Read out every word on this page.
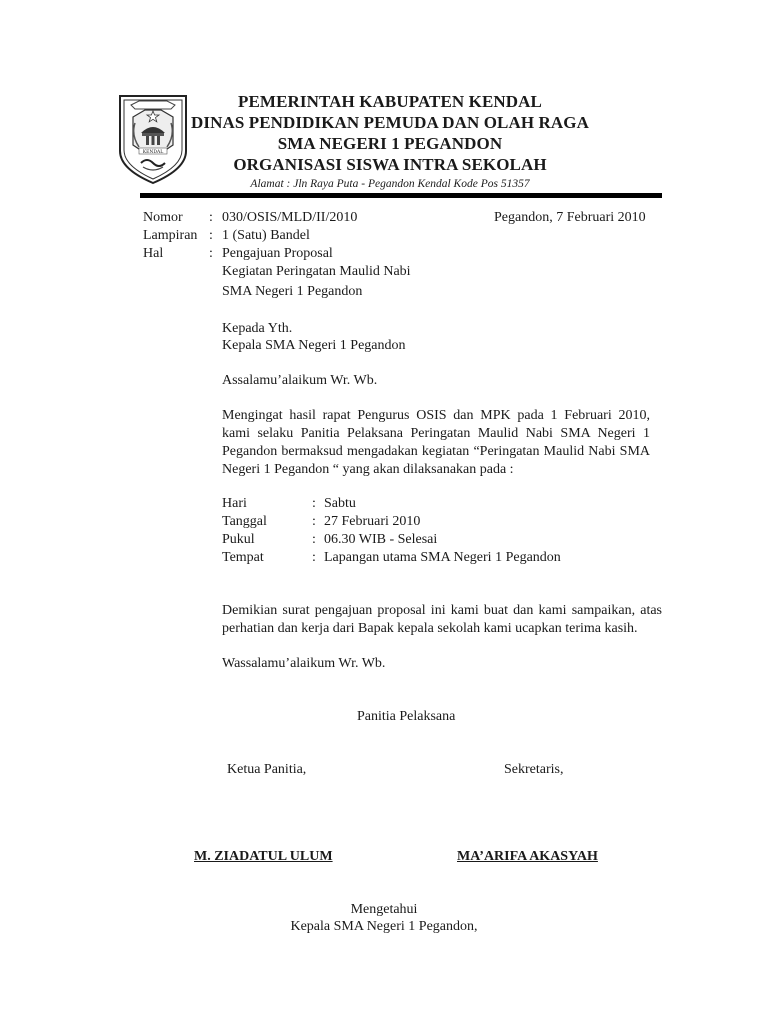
KENDAL
PEMERINTAH KABUPATEN KENDAL
DINAS PENDIDIKAN PEMUDA DAN OLAH RAGA
SMA NEGERI 1 PEGANDON
ORGANISASI SISWA INTRA SEKOLAH
Alamat : Jln Raya Puta - Pegandon Kendal Kode Pos 51357
Nomor : 030/OSIS/MLD/II/2010
Lampiran : 1 (Satu) Bandel
Hal	: Pengajuan Proposal
Kegiatan Peringatan Maulid Nabi
SMA Negeri 1 Pegandon
Pegandon, 7 Februari 2010
Kepada Yth.
Kepala SMA Negeri 1 Pegandon
Assalamu’alaikum Wr. Wb.
Mengingat hasil rapat Pengurus OSIS dan MPK pada 1 Februari 2010,
kami selaku Panitia Pelaksana Peringatan Maulid Nabi SMA Negeri 1
Pegandon bermaksud mengadakan kegiatan “Peringatan Maulid Nabi SMA
Negeri 1 Pegandon “ yang akan dilaksanakan pada :
Hari	: Sabtu
Tanggal	: 27 Februari 2010
Pukul	: 06.30 WIB - Selesai
Tempat	: Lapangan utama SMA Negeri 1 Pegandon
Demikian surat pengajuan proposal ini kami buat dan kami sampaikan, atas
perhatian dan kerja dari Bapak kepala sekolah kami ucapkan terima kasih.
Wassalamu’alaikum Wr. Wb.
Panitia Pelaksana
Ketua Panitia,	Sekretaris,
M. ZIADATUL ULUM	MA’ARIFA AKASYAH
Mengetahui
Kepala SMA Negeri 1 Pegandon,
